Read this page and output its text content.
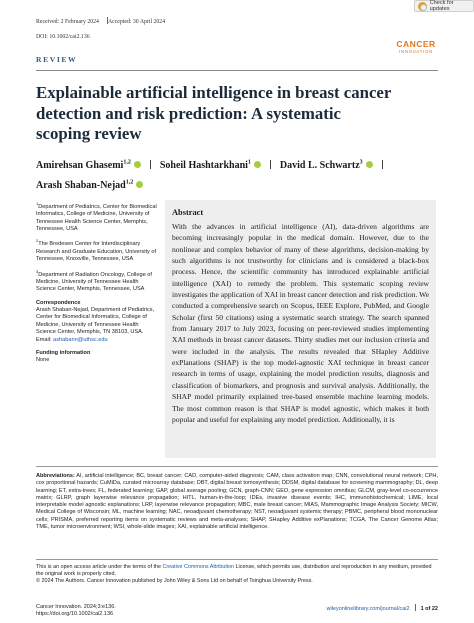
Received: 2 February 2024 Accepted: 30 April 2024
DOI: 10.1002/cai2.136
Check for updates
CANCER
INNOVATION
REVIEW
Explainable artificial intelligence in breast cancer detection and risk prediction: A systematic scoping review
Amirehsan Ghasemi$^{1,2}$	Soheil Hashtarkhani$^1$	David L. Schwartz$^3$
Arash Shaban-Nejad$^{1,2}$
$^1$Department of Pediatrics, Center for Biomedical Informatics, College of Medicine, University of Tennessee Health Science Center, Memphis, Tennessee, USA
$^2$The Bredesen Center for Interdisciplinary Research and Graduate Education, University of Tennessee, Knoxville, Tennessee, USA
$^3$Department of Radiation Oncology, College of Medicine, University of Tennessee Health Science Center, Memphis, Tennessee, USA
Correspondence
Arash Shaban-Nejad, Department of Pediatrics, Center for Biomedical Informatics, College of Medicine, University of Tennessee Health Science Center, Memphis, TN 38103, USA.
Email: ashabann@uthsc.edu
Funding information
None
Abstract
With the advances in artificial intelligence (AI), data-driven algorithms are becoming increasingly popular in the medical domain. However, due to the nonlinear and complex behavior of many of these algorithms, decision-making by such algorithms is not trustworthy for clinicians and is considered a black-box process. Hence, the scientific community has introduced explainable artificial intelligence (XAI) to remedy the problem. This systematic scoping review investigates the application of XAI in breast cancer detection and risk prediction. We conducted a comprehensive search on Scopus, IEEE Explore, PubMed, and Google Scholar (first 50 citations) using a systematic search strategy. The search spanned from January 2017 to July 2023, focusing on peer-reviewed studies implementing XAI methods in breast cancer datasets. Thirty studies met our inclusion criteria and were included in the analysis. The results revealed that SHapley Additive exPlanations (SHAP) is the top model-agnostic XAI technique in breast cancer research in terms of usage, explaining the model prediction results, diagnosis and classification of biomarkers, and prognosis and survival analysis. Additionally, the SHAP model primarily explained tree-based ensemble machine learning models. The most common reason is that SHAP is model agnostic, which makes it both popular and useful for explaining any model prediction. Additionally, it is
Abbreviations: AI, artificial intelligence; BC, breast cancer; CAD, computer-aided diagnosis; CAM, class activation map; CNN, convolutional neural network; CPH, cox proportional hazards; CuMiDa, curated microarray database; DBT, digital breast tomosynthesis; DDSM, digital database for screening mammography; DL, deep learning; ET, extra-trees; FL, federated learning; GAP, global average pooling; GCN, graph-CNN; GEO, gene expression omnibus; GLCM, gray-level co-occurrence matrix; GLRP, graph layerwise relevance propagation; HITL, human-in-the-loop; IDEs, invasive disease events; IHC, immunohistochemical; LIME, local interpretable model agnostic explanations; LRP, layerwise relevance propagation; MBC, male breast cancer; MIAS, Mammographic Image Analysis Society; MICW, Medical College of Wisconsin; ML, machine learning; NAC, neoadjuvant chemotherapy; NST, neoadjuvant systemic therapy; PBMC, peripheral blood mononuclear cells; PRISMA, preferred reporting items on systematic reviews and meta-analyses; SHAP, SHapley Additive exPlanations; TCGA, The Cancer Genome Atlas; TME, tumor microenvironment; WSI, whole-slide images; XAI, explainable artificial intelligence.
This is an open access article under the terms of the Creative Commons Attribution License, which permits use, distribution and reproduction in any medium, provided the original work is properly cited.
© 2024 The Authors. Cancer Innovation published by John Wiley & Sons Ltd on behalf of Tsinghua University Press.
Cancer Innovation. 2024;3:e136.
https://doi.org/10.1002/cai2.136
wileyonlinelibrary.com/journal/cai2 1 of 22
